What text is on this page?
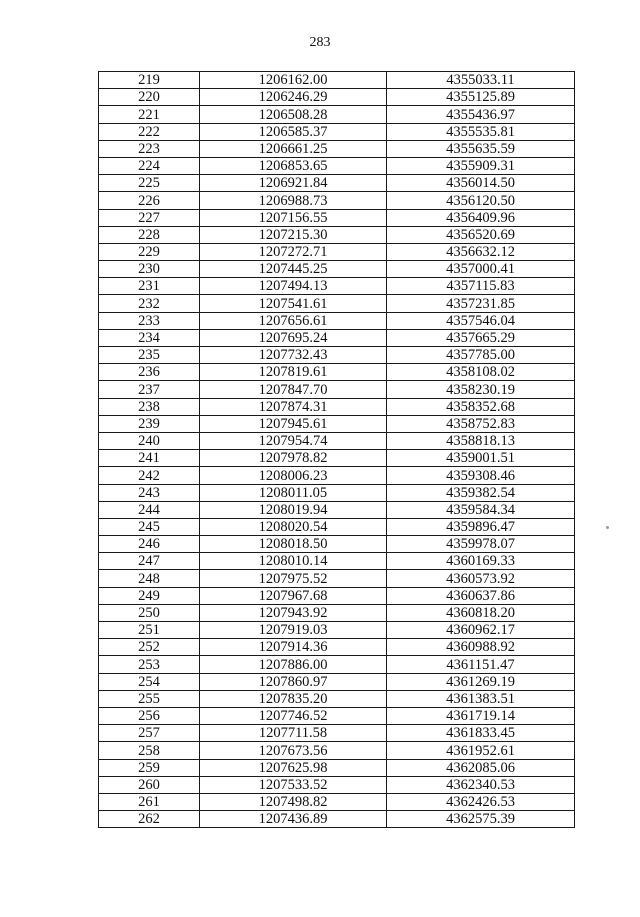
283
219	1206162.00	4355033.11
220	1206246.29	4355125.89
221	1206508.28	4355436.97
222	1206585.37	4355535.81
223	1206661.25	4355635.59
224	1206853.65	4355909.31
225	1206921.84	4356014.50
226	1206988.73	4356120.50
227	1207156.55	4356409.96
228	1207215.30	4356520.69
229	1207272.71	4356632.12
230	1207445.25	4357000.41
231	1207494.13	4357115.83
232	1207541.61	4357231.85
233	1207656.61	4357546.04
234	1207695.24	4357665.29
235	1207732.43	4357785.00
236	1207819.61	4358108.02
237	1207847.70	4358230.19
238	1207874.31	4358352.68
239	1207945.61	4358752.83
240	1207954.74	4358818.13
241	1207978.82	4359001.51
242	1208006.23	4359308.46
243	1208011.05	4359382.54
244	1208019.94	4359584.34
245	1208020.54	4359896.47
246	1208018.50	4359978.07
247	1208010.14	4360169.33
248	1207975.52	4360573.92
249	1207967.68	4360637.86
250	1207943.92	4360818.20
251	1207919.03	4360962.17
252	1207914.36	4360988.92
253	1207886.00	4361151.47
254	1207860.97	4361269.19
255	1207835.20	4361383.51
256	1207746.52	4361719.14
257	1207711.58	4361833.45
258	1207673.56	4361952.61
259	1207625.98	4362085.06
260	1207533.52	4362340.53
261	1207498.82	4362426.53
262	1207436.89	4362575.39
